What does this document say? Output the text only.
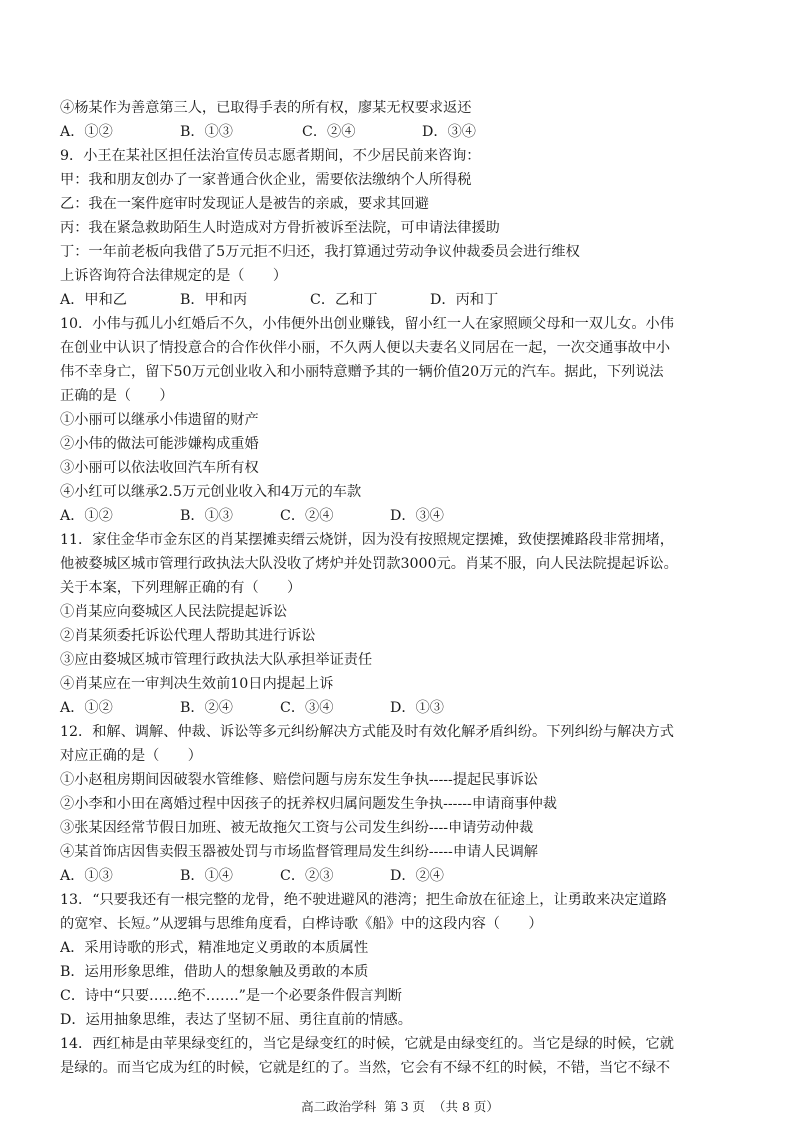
④杨某作为善意第三人，已取得手表的所有权，廖某无权要求返还
A．①②	B．①③	C．②④	D．③④
9．小王在某社区担任法治宣传员志愿者期间，不少居民前来咨询：
甲：我和朋友创办了一家普通合伙企业，需要依法缴纳个人所得税
乙：我在一案件庭审时发现证人是被告的亲戚，要求其回避
丙：我在紧急救助陌生人时造成对方骨折被诉至法院，可申请法律援助
丁：一年前老板向我借了5万元拒不归还，我打算通过劳动争议仲裁委员会进行维权
上诉咨询符合法律规定的是（　　）
A．甲和乙	B．甲和丙	C．乙和丁	D．丙和丁
10．小伟与孤儿小红婚后不久，小伟便外出创业赚钱，留小红一人在家照顾父母和一双儿女。小伟
在创业中认识了情投意合的合作伙伴小丽，不久两人便以夫妻名义同居在一起，一次交通事故中小
伟不幸身亡，留下50万元创业收入和小丽特意赠予其的一辆价值20万元的汽车。据此，下列说法
正确的是（　　）
①小丽可以继承小伟遗留的财产
②小伟的做法可能涉嫌构成重婚
③小丽可以依法收回汽车所有权
④小红可以继承2.5万元创业收入和4万元的车款
A．①②	B．①③	C．②④	D．③④
11．家住金华市金东区的肖某摆摊卖缙云烧饼，因为没有按照规定摆摊，致使摆摊路段非常拥堵，
他被婺城区城市管理行政执法大队没收了烤炉并处罚款3000元。肖某不服，向人民法院提起诉讼。
关于本案，下列理解正确的有（　　）
①肖某应向婺城区人民法院提起诉讼
②肖某须委托诉讼代理人帮助其进行诉讼
③应由婺城区城市管理行政执法大队承担举证责任
④肖某应在一审判决生效前10日内提起上诉
A．①②	B．②④	C．③④	D．①③
12．和解、调解、仲裁、诉讼等多元纠纷解决方式能及时有效化解矛盾纠纷。下列纠纷与解决方式
对应正确的是（　　）
①小赵租房期间因破裂水管维修、赔偿问题与房东发生争执-----提起民事诉讼
②小李和小田在离婚过程中因孩子的抚养权归属问题发生争执------申请商事仲裁
③张某因经常节假日加班、被无故拖欠工资与公司发生纠纷----申请劳动仲裁
④某首饰店因售卖假玉器被处罚与市场监督管理局发生纠纷-----申请人民调解
A．①③	B．①④	C．②③	D．②④
13．“只要我还有一根完整的龙骨，绝不驶进避风的港湾；把生命放在征途上，让勇敢来决定道路
的宽窄、长短。”从逻辑与思维角度看，白桦诗歌《船》中的这段内容（　　）
A．采用诗歌的形式，精准地定义勇敢的本质属性
B．运用形象思维，借助人的想象触及勇敢的本质
C．诗中“只要……绝不…….”是一个必要条件假言判断
D．运用抽象思维，表达了坚韧不屈、勇往直前的情感。
14．西红柿是由苹果绿变红的，当它是绿变红的时候，它就是由绿变红的。当它是绿的时候，它就
是绿的。而当它成为红的时候，它就是红的了。当然，它会有不绿不红的时候，不错，当它不绿不
高二政治学科 第 3 页 （共 8 页）
